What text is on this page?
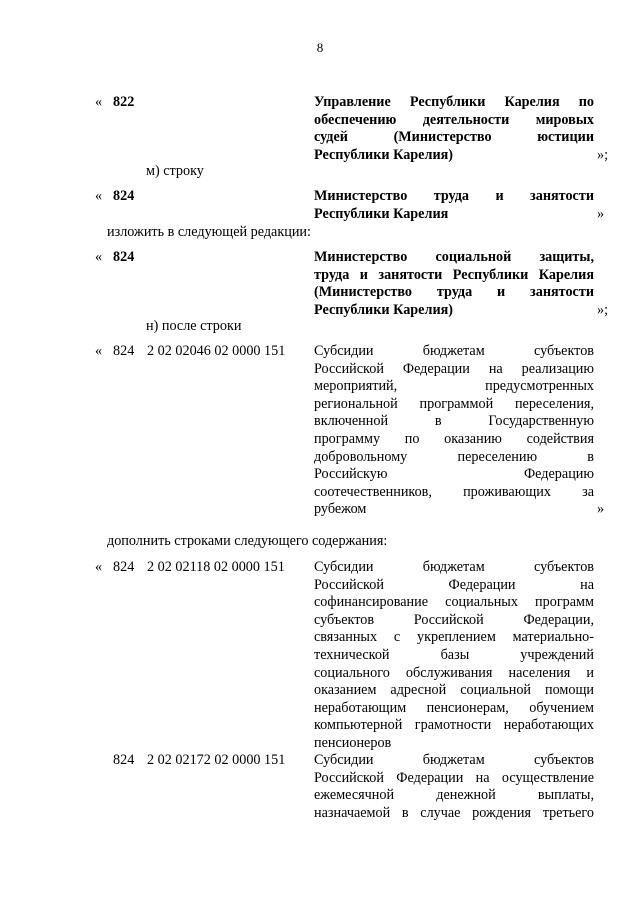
8
« 822	Управление Республики Карелия по
обеспечению деятельности мировых
судей (Министерство юстиции
Республики Карелия)	»;
м) строку
« 824	Министерство труда и занятости
Республики Карелия	»
изложить в следующей редакции:
« 824	Министерство социальной защиты,
труда и занятости Республики Карелия
(Министерство труда и занятости
Республики Карелия)	»;
н) после строки
« 824 2 02 02046 02 0000 151 Субсидии бюджетам субъектов
Российской Федерации на реализацию
мероприятий, предусмотренных
региональной программой переселения,
включенной в Государственную
программу по оказанию содействия
добровольному переселению в
Российскую Федерацию
соотечественников, проживающих за
рубежом	»
дополнить строками следующего содержания:
« 824 2 02 02118 02 0000 151 Субсидии бюджетам субъектов
Российской Федерации на
софинансирование социальных программ
субъектов Российской Федерации,
связанных с укреплением материально-
технической базы учреждений
социального обслуживания населения и
оказанием адресной социальной помощи
неработающим пенсионерам, обучением
компьютерной грамотности неработающих
пенсионеров
824 2 02 02172 02 0000 151 Субсидии бюджетам субъектов
Российской Федерации на осуществление
ежемесячной денежной выплаты,
назначаемой в случае рождения третьего
